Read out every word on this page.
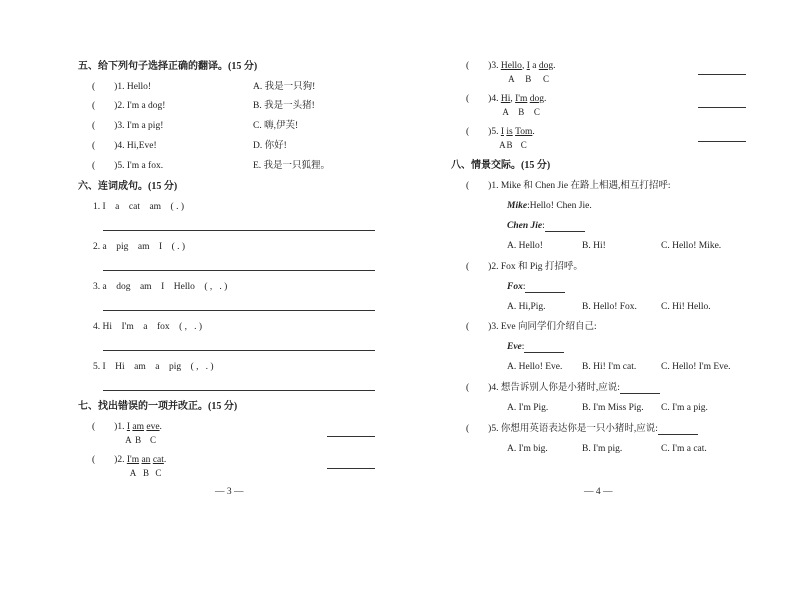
五、给下列句子选择正确的翻译。(15 分)
(        )1. Hello!	A. 我是一只狗!
(        )2. I'm a dog!	B. 我是一头猪!
(        )3. I'm a pig!	C. 嗨,伊芙!
(        )4. Hi,Eve!	D. 你好!
(        )5. I'm a fox.	E. 我是一只狐狸。
六、连词成句。(15 分)
1. I    a    cat    am    ( . )
2. a    pig    am    I    ( . )
3. a    dog    am    I    Hello    ( ,   . )
4. Hi    I'm    a    fox    ( ,   . )
5. I    Hi    am    a    pig    ( ,   . )
七、找出错误的一项并改正。(15 分)
(        )1. $\frac{I}{A} \frac{am}{B}$ eve
C
.
(        )2. $\frac{I'm}{A} \frac{an}{B}$ cat
C
.
— 3 —
(        )3. Hello
A
, $\frac{I}{B}$ a dog
C
.
(        )4. $\frac{Hi}{A}$ , $\frac{I'm}{B}$ dog
C
.
(        )5. $\frac{I}{A} \frac{is}{B}$ Tom
C
.
八、情景交际。(15 分)
(        )1. Mike 和 Chen Jie 在路上相遇,相互打招呼:
Mike:Hello! Chen Jie.
Chen Jie:
A. Hello!	B. Hi!	C. Hello! Mike.
(        )2. Fox 和 Pig 打招呼。
Fox:
A. Hi,Pig.	B. Hello! Fox.	C. Hi! Hello.
(        )3. Eve 向同学们介绍自己:
Eve:
A. Hello! Eve. B. Hi! I'm cat.	C. Hello! I'm Eve.
(        )4. 想告诉别人你是小猪时,应说:
A. I'm Pig.	B. I'm Miss Pig. C. I'm a pig.
(        )5. 你想用英语表达你是一只小猪时,应说:
A. I'm big.	B. I'm pig.	C. I'm a cat.
— 4 —
